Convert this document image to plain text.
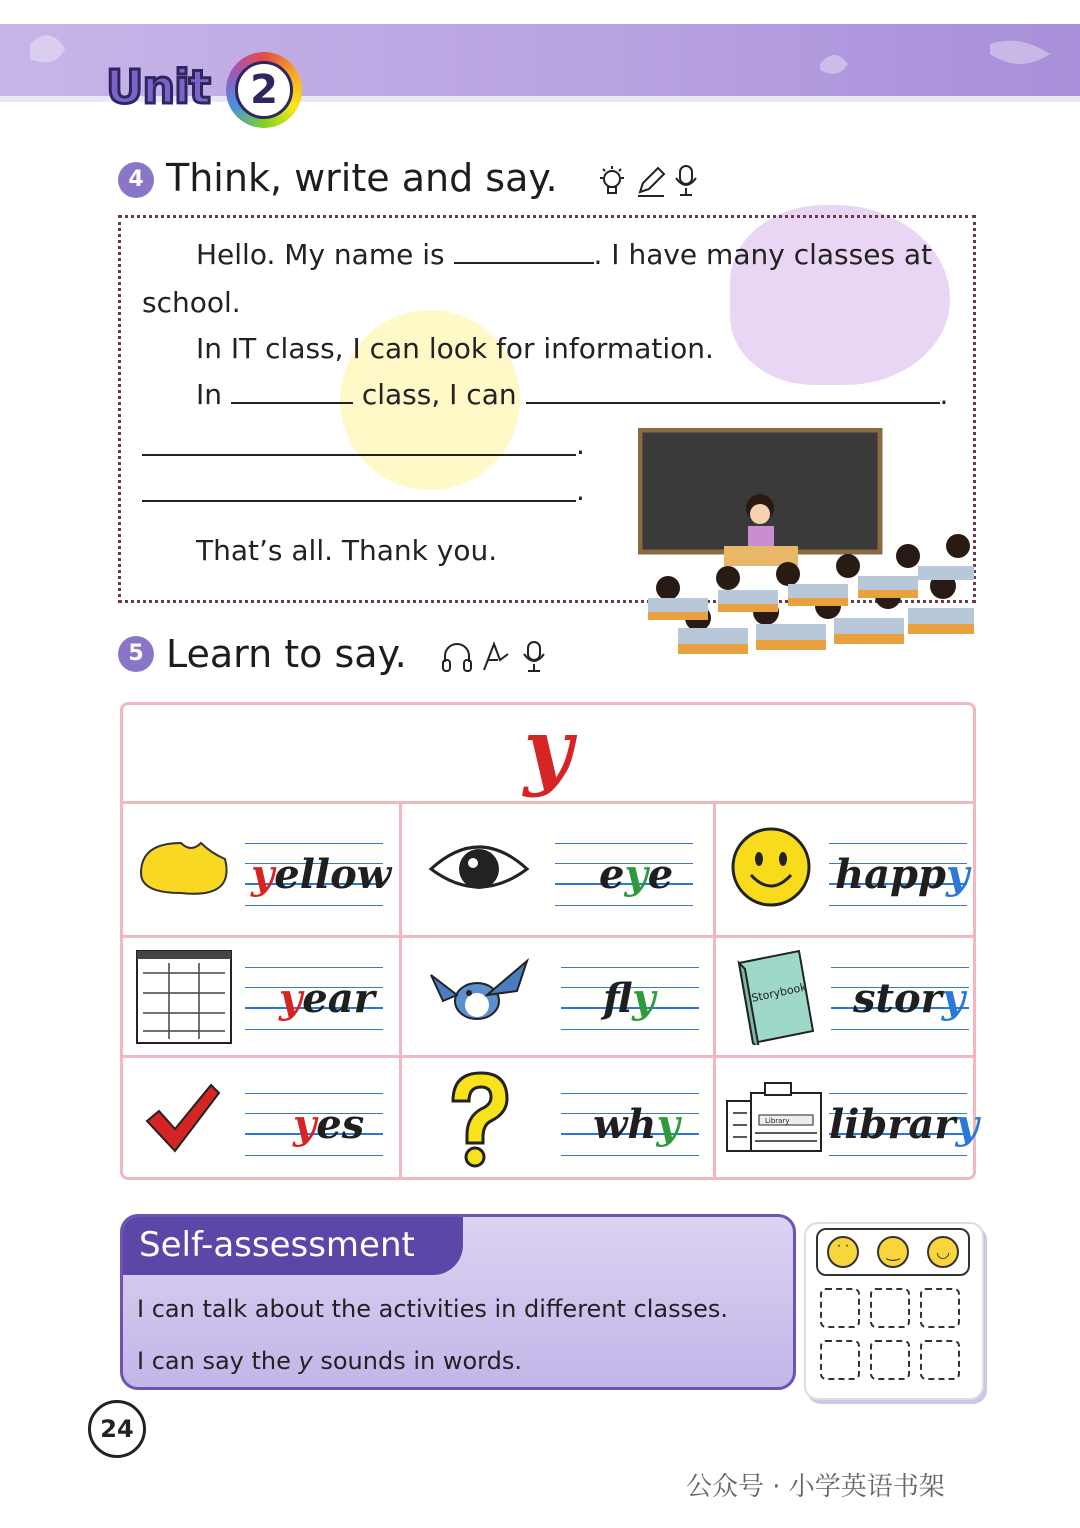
Unit	2
4 Think, write and say.
Hello. My name is	. I have many classes at
school.
In IT class, I can look for information.
In	class, I can	.
.
.
That’s all. Thank you.
5 Learn to say.
y
yellow	eye	happy
year	fly	Storybook story
yes	why	Library library
Self-assessment
I can talk about the activities in different classes.
I can say the y sounds in words.
˙˙	‿	◡
24
公众号 · 小学英语书架
